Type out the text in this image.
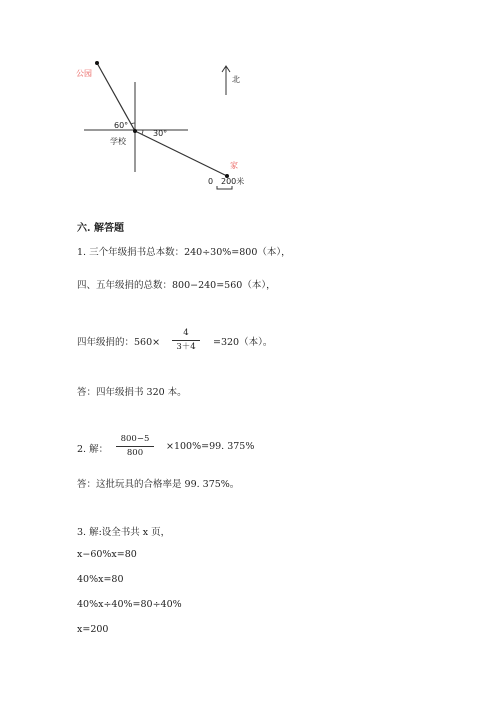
公园
60°
30°
学校
北
家
0 200米
六. 解答题
1. 三个年级捐书总本数：240÷30%=800（本），
四、五年级捐的总数：800−240=560（本），
四年级捐的：560×
4
3＋4	=320（本）。
答：四年级捐书 320 本。
2. 解：
800−5
800
×100%=99. 375%
答：这批玩具的合格率是 99. 375%。
3. 解:设全书共 x 页，
x−60%x=80
40%x=80
40%x÷40%=80÷40%
x=200
